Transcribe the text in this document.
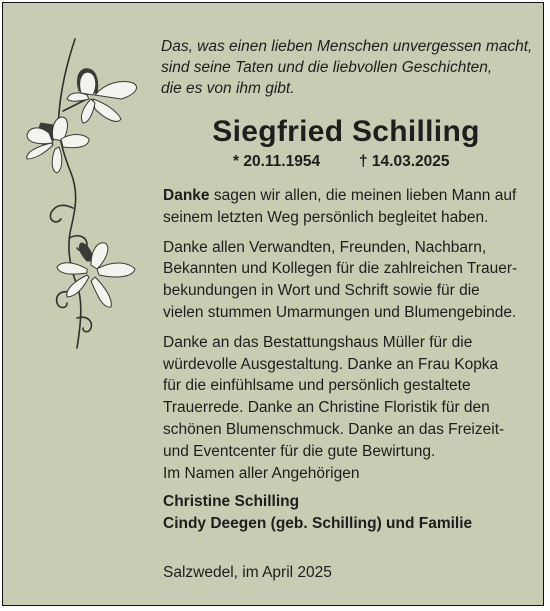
Das, was einen lieben Menschen unvergessen macht,
sind seine Taten und die liebvollen Geschichten,
die es von ihm gibt.
Siegfried Schilling
* 20.11.1954	† 14.03.2025

Danke sagen wir allen, die meinen lieben Mann auf
seinem letzten Weg persönlich begleitet haben.

Danke allen Verwandten, Freunden, Nachbarn,
Bekannten und Kollegen für die zahlreichen Trauer-
bekundungen in Wort und Schrift sowie für die
vielen stummen Umarmungen und Blumengebinde.

Danke an das Bestattungshaus Müller für die
würdevolle Ausgestaltung. Danke an Frau Kopka
für die einfühlsame und persönlich gestaltete
Trauerrede. Danke an Christine Floristik für den
schönen Blumenschmuck. Danke an das Freizeit-
und Eventcenter für die gute Bewirtung.

Im Namen aller Angehörigen
Christine Schilling
Cindy Deegen (geb. Schilling) und Familie
Salzwedel, im April 2025
